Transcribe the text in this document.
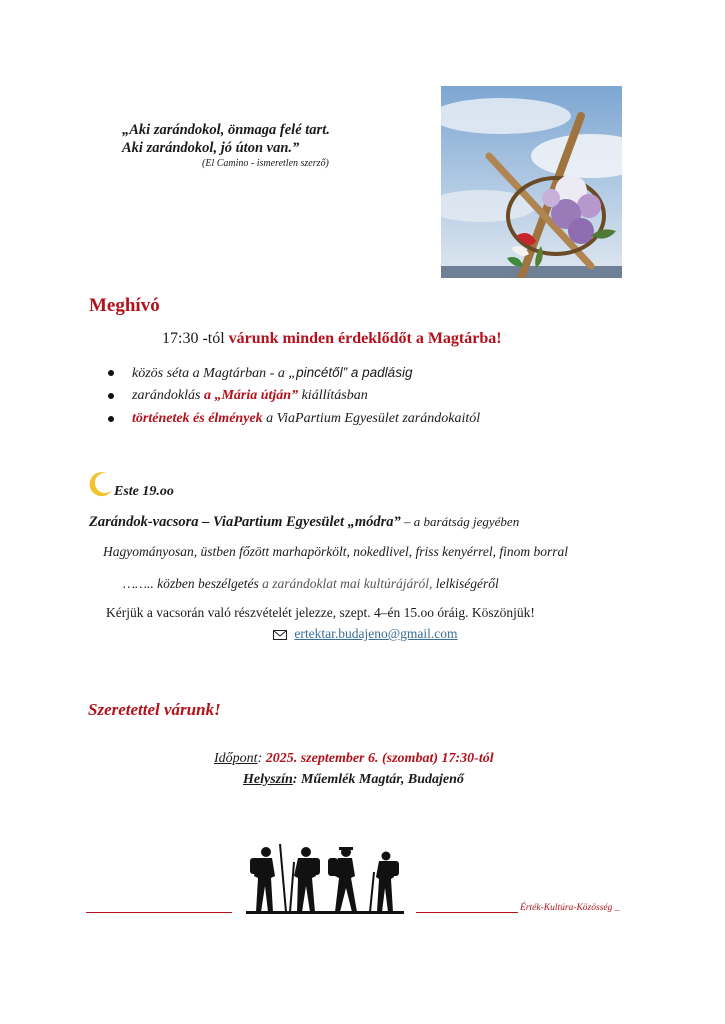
„Aki zarándokol, önmaga felé tart.
Aki zarándokol, jó úton van.”
(El Camino - ismeretlen szerző)
Meghívó
17:30 -tól várunk minden érdeklődőt a Magtárba!
közös séta a Magtárban - a „pincétől” a padlásig
zarándoklás a „Mária útján” kiállításban
történetek és élmények a ViaPartium Egyesület zarándokaitól
Este 19.oo
Zarándok-vacsora – ViaPartium Egyesület „módra” – a barátság jegyében
Hagyományosan, üstben főzött marhapörkölt, nokedlivel, friss kenyérrel, finom borral
…….. közben beszélgetés a zarándoklat mai kultúrájáról, lelkiségéről
Kérjük a vacsorán való részvételét jelezze, szept. 4–én 15.oo óráig. Köszönjük!
ertektar.budajeno@gmail.com
Szeretettel várunk!
Időpont: 2025. szeptember 6. (szombat) 17:30-tól
Helyszín: Műemlék Magtár, Budajenő
Érték-Kultúra-Közösség _
